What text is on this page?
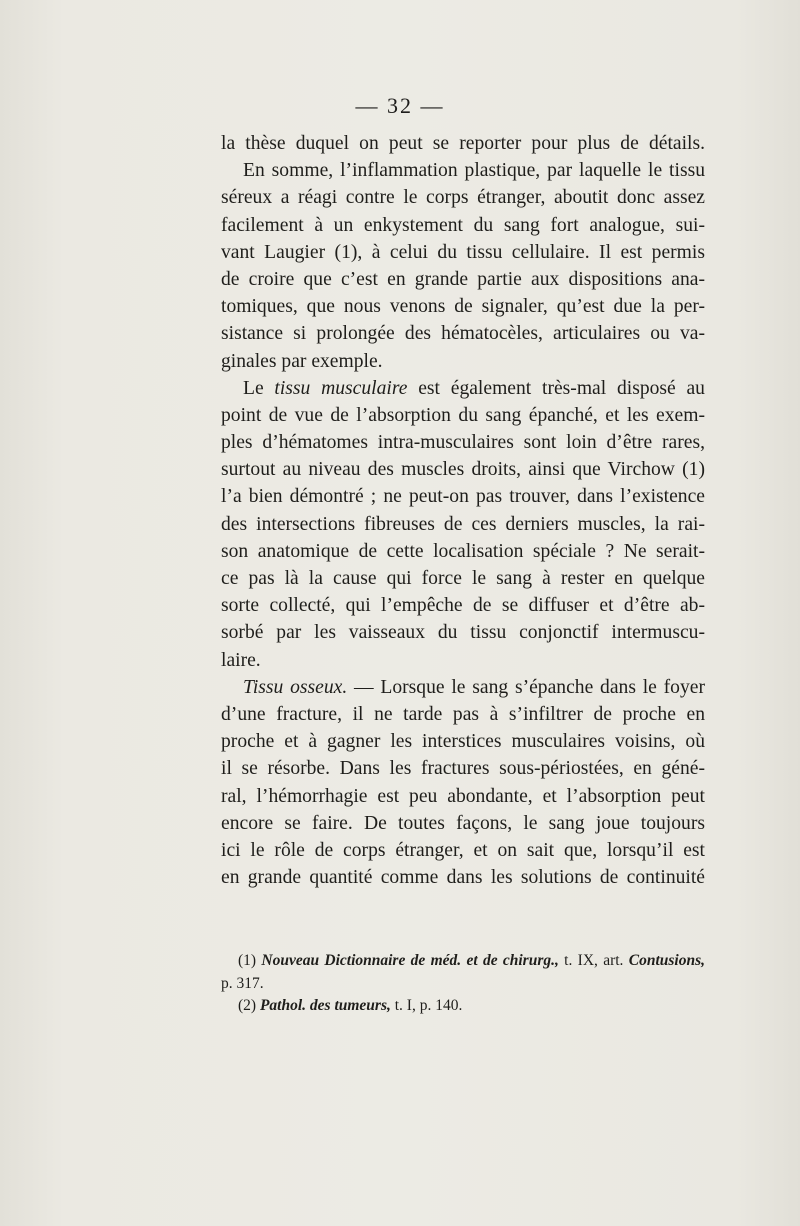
— 32 —
la thèse duquel on peut se reporter pour plus de détails.
En somme, l’inflammation plastique, par laquelle le tissu
séreux a réagi contre le corps étranger, aboutit donc assez
facilement à un enkystement du sang fort analogue, sui-
vant Laugier (1), à celui du tissu cellulaire. Il est permis
de croire que c’est en grande partie aux dispositions ana-
tomiques, que nous venons de signaler, qu’est due la per-
sistance si prolongée des hématocèles, articulaires ou va-
ginales par exemple.
Le tissu musculaire est également très-mal disposé au
point de vue de l’absorption du sang épanché, et les exem-
ples d’hématomes intra-musculaires sont loin d’être rares,
surtout au niveau des muscles droits, ainsi que Virchow (1)
l’a bien démontré ; ne peut-on pas trouver, dans l’existence
des intersections fibreuses de ces derniers muscles, la rai-
son anatomique de cette localisation spéciale ? Ne serait-
ce pas là la cause qui force le sang à rester en quelque
sorte collecté, qui l’empêche de se diffuser et d’être ab-
sorbé par les vaisseaux du tissu conjonctif intermuscu-
laire.
Tissu osseux. — Lorsque le sang s’épanche dans le foyer
d’une fracture, il ne tarde pas à s’infiltrer de proche en
proche et à gagner les interstices musculaires voisins, où
il se résorbe. Dans les fractures sous-périostées, en géné-
ral, l’hémorrhagie est peu abondante, et l’absorption peut
encore se faire. De toutes façons, le sang joue toujours
ici le rôle de corps étranger, et on sait que, lorsqu’il est
en grande quantité comme dans les solutions de continuité
(1) Nouveau Dictionnaire de méd. et de chirurg., t. IX, art. Contusions,
p. 317.
(2) Pathol. des tumeurs, t. I, p. 140.
